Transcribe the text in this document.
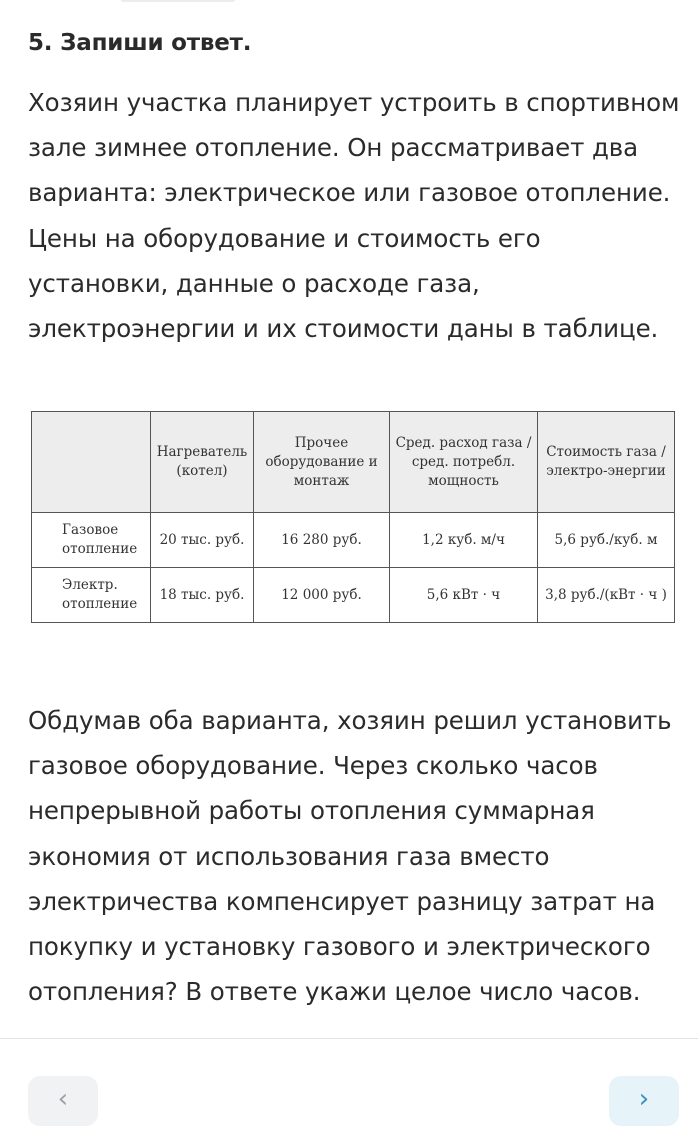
5. Запиши ответ.

Хозяин участка планирует устроить в спортивном зале зимнее отопление. Он рассматривает два варианта: электрическое или газовое отопление. Цены на оборудование и стоимость его установки, данные о расходе газа, электроэнергии и их стоимости даны в таблице.

	Нагреватель (котел)	Прочее оборудование и монтаж	Сред. расход газа / сред. потребл. мощность	Стоимость газа / электро-энергии
Газовое отопление	20 тыс. руб.	16 280 руб.	1,2 куб. м/ч	5,6 руб./куб. м
Электр. отопление	18 тыс. руб.	12 000 руб.	5,6 кВт · ч	3,8 руб./(кВт · ч )

Обдумав оба варианта, хозяин решил установить газовое оборудование. Через сколько часов непрерывной работы отопления суммарная экономия от использования газа вместо электричества компенсирует разницу затрат на покупку и установку газового и электрического отопления? В ответе укажи целое число часов.

‹	›
